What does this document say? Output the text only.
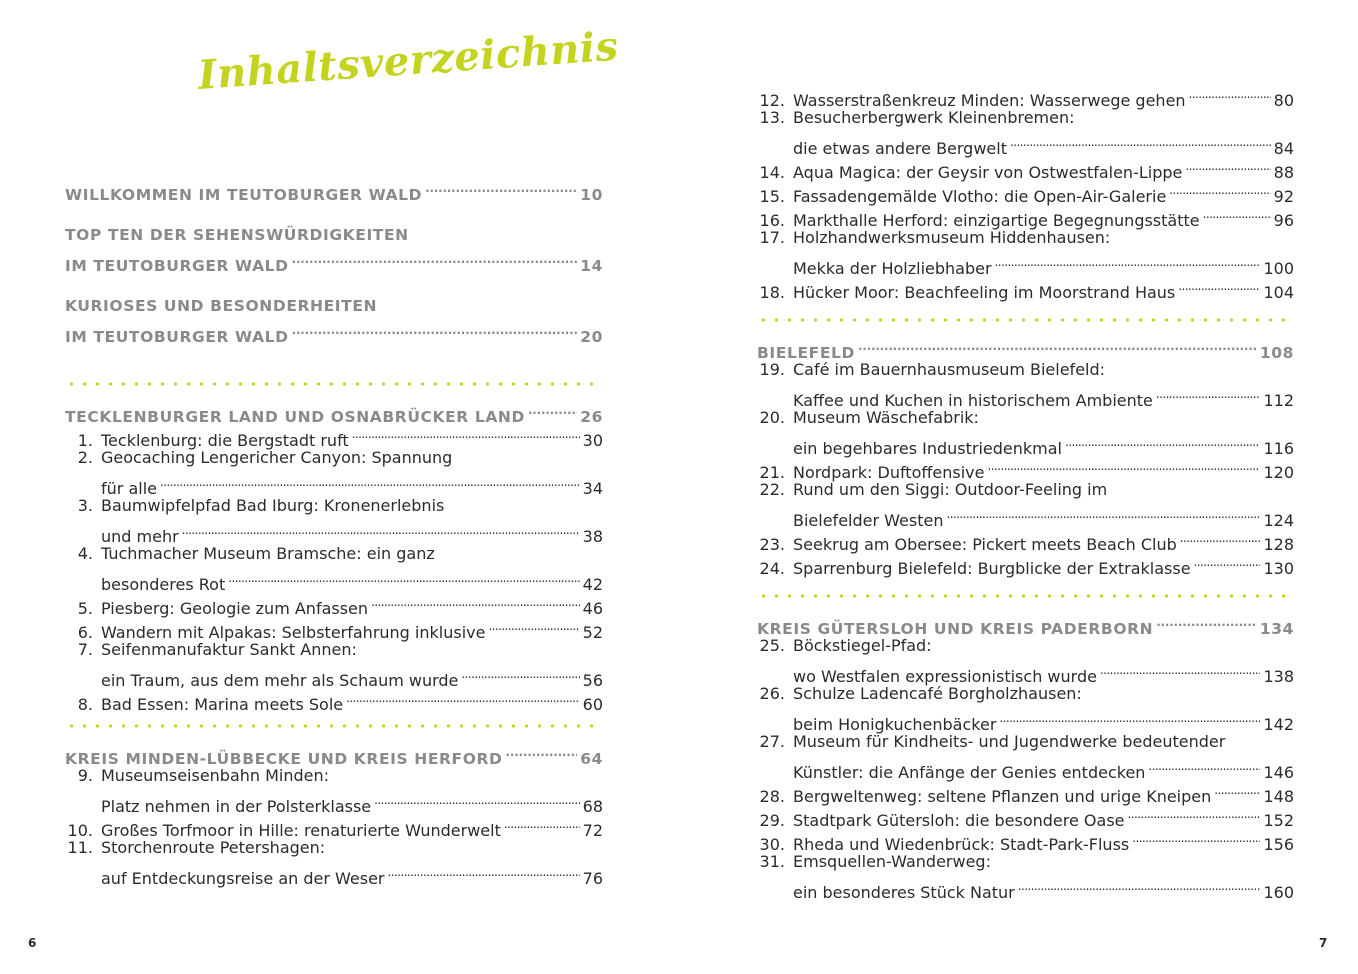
Inhaltsverzeichnis
WILLKOMMEN IM TEUTOBURGER WALD . . .	10
TOP TEN DER SEHENSWÜRDIGKEITEN
IM TEUTOBURGER WALD . . .	14
KURIOSES UND BESONDERHEITEN
IM TEUTOBURGER WALD . . .	20
TECKLENBURGER LAND UND OSNABRÜCKER LAND . . .	26
1. Tecklenburg: die Bergstadt ruft . . .	30
2. Geocaching Lengericher Canyon: Spannung
für alle . . .	34
3. Baumwipfelpfad Bad Iburg: Kronenerlebnis
und mehr . . .	38
4. Tuchmacher Museum Bramsche: ein ganz
besonderes Rot . . .	42
5. Piesberg: Geologie zum Anfassen . . .	46
6. Wandern mit Alpakas: Selbsterfahrung inklusive . . .	52
7. Seifenmanufaktur Sankt Annen:
ein Traum, aus dem mehr als Schaum wurde . . .	56
8. Bad Essen: Marina meets Sole . . .	60
KREIS MINDEN-LÜBBECKE UND KREIS HERFORD . . .	64
9. Museumseisenbahn Minden:
Platz nehmen in der Polsterklasse . . .	68
10. Großes Torfmoor in Hille: renaturierte Wunderwelt . . .	72
11. Storchenroute Petershagen:
auf Entdeckungsreise an der Weser . . .	76
12. Wasserstraßenkreuz Minden: Wasserwege gehen . . .	80
13. Besucherbergwerk Kleinenbremen:
die etwas andere Bergwelt . . .	84
14. Aqua Magica: der Geysir von Ostwestfalen-Lippe . . .	88
15. Fassadengemälde Vlotho: die Open-Air-Galerie . . .	92
16. Markthalle Herford: einzigartige Begegnungsstätte . . .	96
17. Holzhandwerksmuseum Hiddenhausen:
Mekka der Holzliebhaber . . .	100
18. Hücker Moor: Beachfeeling im Moorstrand Haus . . .	104
BIELEFELD . . .	108
19. Café im Bauernhausmuseum Bielefeld:
Kaffee und Kuchen in historischem Ambiente . . .	112
20. Museum Wäschefabrik:
ein begehbares Industriedenkmal . . .	116
21. Nordpark: Duftoffensive . . .	120
22. Rund um den Siggi: Outdoor-Feeling im
Bielefelder Westen . . .	124
23. Seekrug am Obersee: Pickert meets Beach Club . . .	128
24. Sparrenburg Bielefeld: Burgblicke der Extraklasse . . .	130
KREIS GÜTERSLOH UND KREIS PADERBORN . . .	134
25. Böckstiegel-Pfad:
wo Westfalen expressionistisch wurde . . .	138
26. Schulze Ladencafé Borgholzhausen:
beim Honigkuchenbäcker . . .	142
27. Museum für Kindheits- und Jugendwerke bedeutender
Künstler: die Anfänge der Genies entdecken . . .	146
28. Bergweltenweg: seltene Pflanzen und urige Kneipen . . .	148
29. Stadtpark Gütersloh: die besondere Oase . . .	152
30. Rheda und Wiedenbrück: Stadt-Park-Fluss . . .	156
31. Emsquellen-Wanderweg:
ein besonderes Stück Natur . . .	160
6	7
